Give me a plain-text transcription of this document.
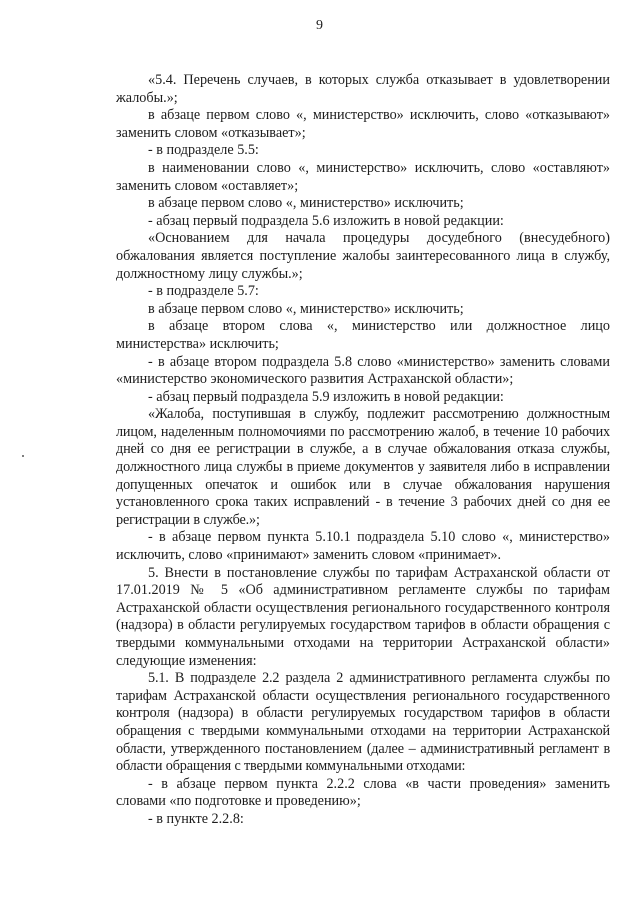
9

«5.4. Перечень случаев, в которых служба отказывает в удовлетворении жалобы.»;

в абзаце первом слово «, министерство» исключить, слово «отказывают» заменить словом «отказывает»;

- в подразделе 5.5:

в наименовании слово «, министерство» исключить, слово «оставляют» заменить словом «оставляет»;

в абзаце первом слово «, министерство» исключить;

- абзац первый подраздела 5.6 изложить в новой редакции:

«Основанием для начала процедуры досудебного (внесудебного) обжалования является поступление жалобы заинтересованного лица в службу, должностному лицу службы.»;

- в подразделе 5.7:

в абзаце первом слово «, министерство» исключить;

в абзаце втором слова «, министерство или должностное лицо министерства» исключить;

- в абзаце втором подраздела 5.8 слово «министерство» заменить словами «министерство экономического развития Астраханской области»;

- абзац первый подраздела 5.9 изложить в новой редакции:

«Жалоба, поступившая в службу, подлежит рассмотрению должностным лицом, наделенным полномочиями по рассмотрению жалоб, в течение 10 рабочих дней со дня ее регистрации в службе, а в случае обжалования отказа службы, должностного лица службы в приеме документов у заявителя либо в исправлении допущенных опечаток и ошибок или в случае обжалования нарушения установленного срока таких исправлений - в течение 3 рабочих дней со дня ее регистрации в службе.»;

- в абзаце первом пункта 5.10.1 подраздела 5.10 слово «, министерство» исключить, слово «принимают» заменить словом «принимает».

5. Внести в постановление службы по тарифам Астраханской области от 17.01.2019 № 5 «Об административном регламенте службы по тарифам Астраханской области осуществления регионального государственного контроля (надзора) в области регулируемых государством тарифов в области обращения с твердыми коммунальными отходами на территории Астраханской области» следующие изменения:

5.1. В подразделе 2.2 раздела 2 административного регламента службы по тарифам Астраханской области осуществления регионального государственного контроля (надзора) в области регулируемых государством тарифов в области обращения с твердыми коммунальными отходами на территории Астраханской области, утвержденного постановлением (далее – административный регламент в области обращения с твердыми коммунальными отходами:

- в абзаце первом пункта 2.2.2 слова «в части проведения» заменить словами «по подготовке и проведению»;

- в пункте 2.2.8:
